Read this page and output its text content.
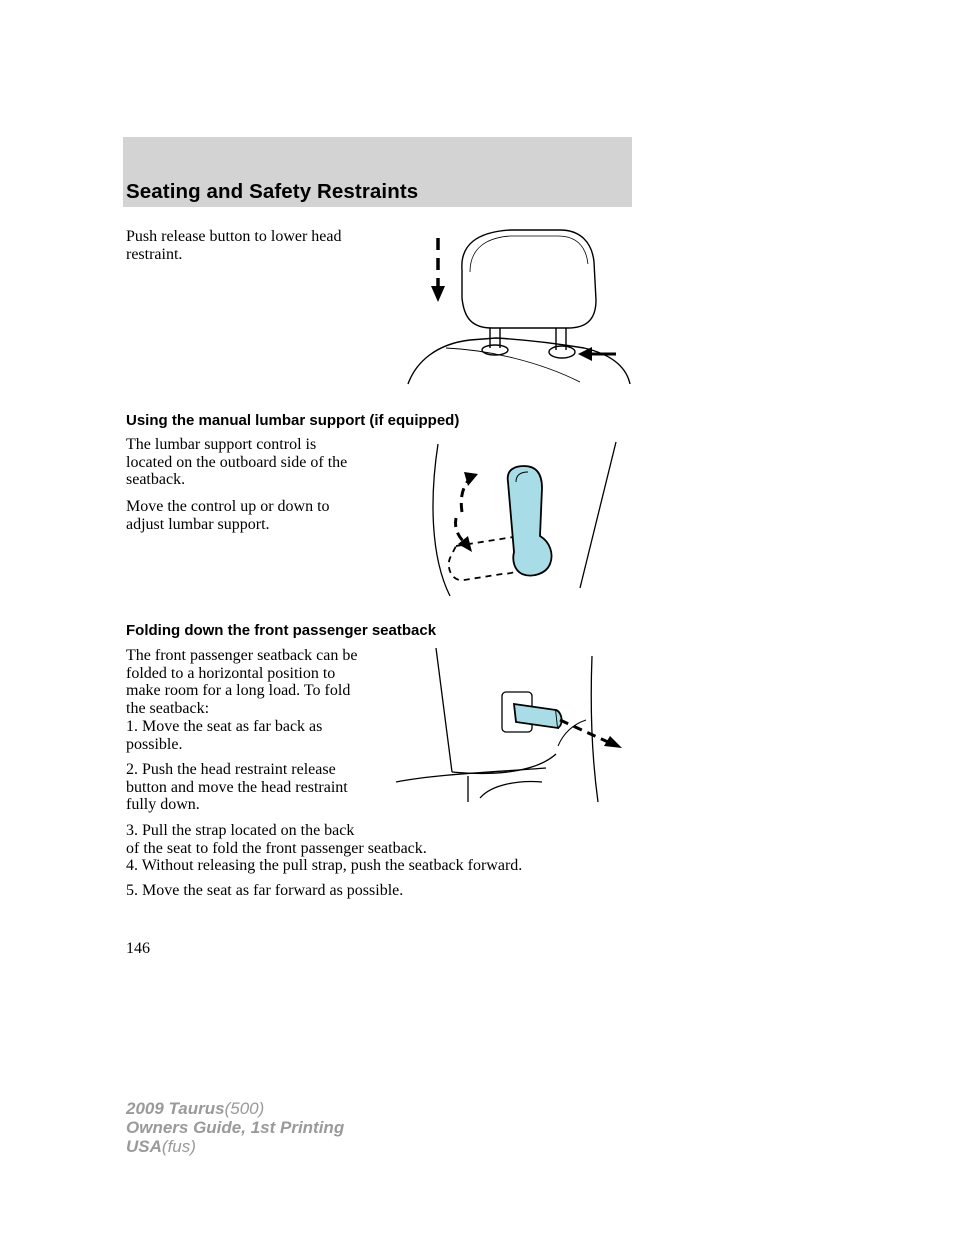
Seating and Safety Restraints

Push release button to lower head
restraint.

Using the manual lumbar support (if equipped)

The lumbar support control is
located on the outboard side of the
seatback.

Move the control up or down to
adjust lumbar support.

Folding down the front passenger seatback

The front passenger seatback can be
folded to a horizontal position to
make room for a long load. To fold
the seatback:

1. Move the seat as far back as
possible.

2. Push the head restraint release
button and move the head restraint
fully down.

3. Pull the strap located on the back
of the seat to fold the front passenger seatback.

4. Without releasing the pull strap, push the seatback forward.

5. Move the seat as far forward as possible.

146
2009 Taurus(500)
Owners Guide, 1st Printing
USA(fus)
